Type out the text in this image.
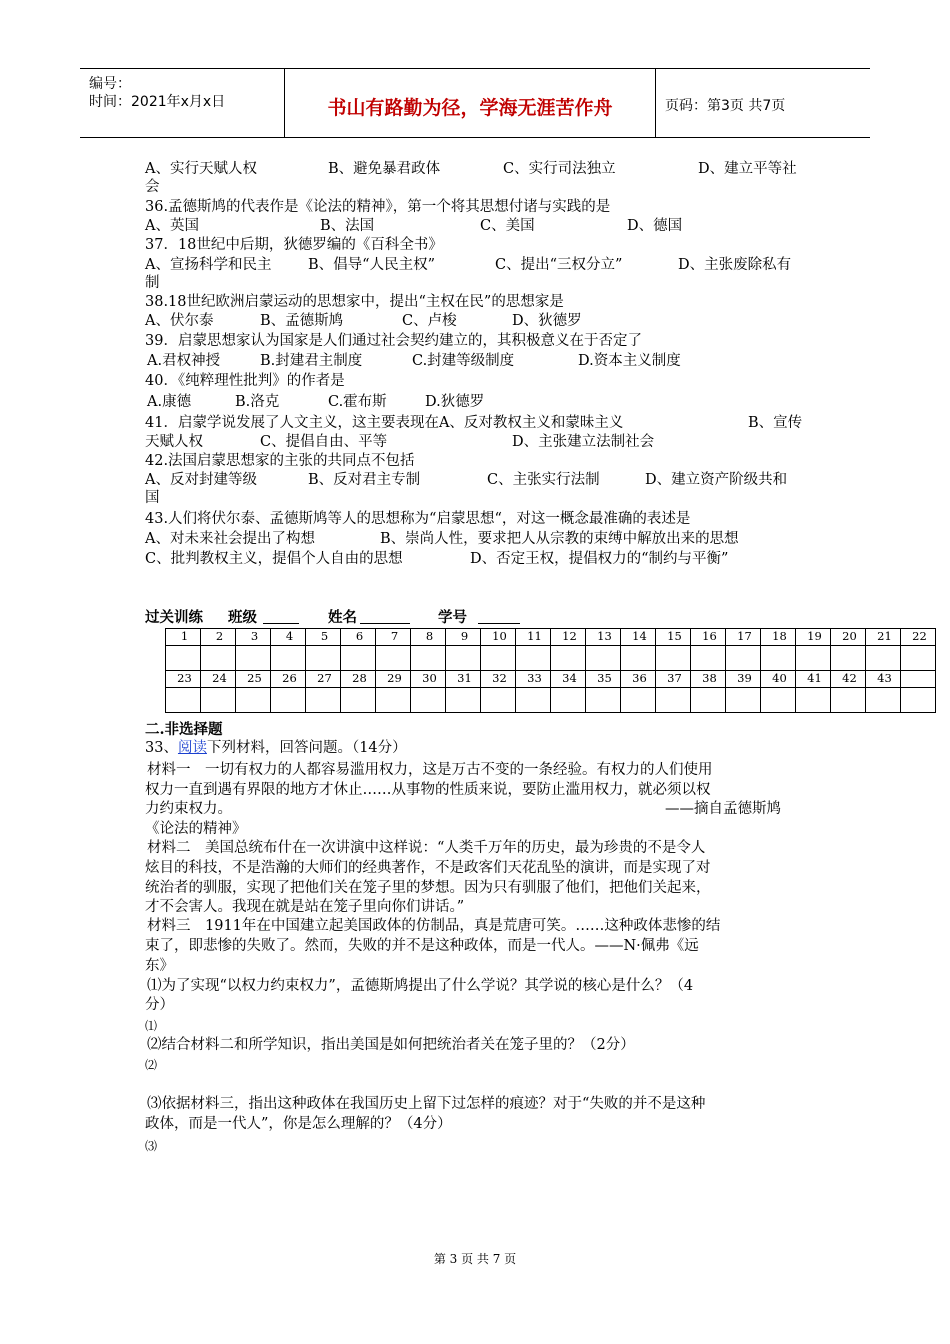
编号：
时间：2021年x月x日	书山有路勤为径，学海无涯苦作舟	页码：第3页 共7页
A、实行天赋人权	B、避免暴君政体	C、实行司法独立	D、建立平等社
会
36.孟德斯鸠的代表作是《论法的精神》，第一个将其思想付诸与实践的是
A、英国	B、法国	C、美国	D、德国
37．18世纪中后期，狄德罗编的《百科全书》
A、宣扬科学和民主	B、倡导“人民主权”	C、提出“三权分立”	D、主张废除私有
制
38.18世纪欧洲启蒙运动的思想家中，提出“主权在民”的思想家是
A、伏尔泰	B、孟德斯鸠	C、卢梭	D、狄德罗
39．启蒙思想家认为国家是人们通过社会契约建立的，其积极意义在于否定了
A.君权神授	B.封建君主制度	C.封建等级制度	D.资本主义制度
40．《纯粹理性批判》的作者是
A.康德	B.洛克	C.霍布斯	D.狄德罗
41．启蒙学说发展了人文主义，这主要表现在A、反对教权主义和蒙昧主义	B、宣传
天赋人权	C、提倡自由、平等	D、主张建立法制社会
42.法国启蒙思想家的主张的共同点不包括
A、反对封建等级	B、反对君主专制	C、主张实行法制	D、建立资产阶级共和
国
43.人们将伏尔泰、孟德斯鸠等人的思想称为“启蒙思想“，对这一概念最准确的表述是
A、对未来社会提出了构想	B、崇尚人性，要求把人从宗教的束缚中解放出来的思想
C、批判教权主义，提倡个人自由的思想	D、否定王权，提倡权力的“制约与平衡”
过关训练 班级	姓名	学号
1	2	3	4	5	6	7	8	9	10	11	12	13	14	15	16	17	18	19	20	21	22

23	24	25	26	27	28	29	30	31	32	33	34	35	36	37	38	39	40	41	42	43	

二.非选择题
33、阅读下列材料，回答问题。（14分）
材料一　一切有权力的人都容易滥用权力，这是万古不变的一条经验。有权力的人们使用
权力一直到遇有界限的地方才休止……从事物的性质来说，要防止滥用权力，就必须以权
力约束权力。	——摘自孟德斯鸠
《论法的精神》
材料二　美国总统布什在一次讲演中这样说：“人类千万年的历史，最为珍贵的不是令人
炫目的科技，不是浩瀚的大师们的经典著作，不是政客们天花乱坠的演讲，而是实现了对
统治者的驯服，实现了把他们关在笼子里的梦想。因为只有驯服了他们，把他们关起来，
才不会害人。我现在就是站在笼子里向你们讲话。”
材料三　1911年在中国建立起美国政体的仿制品，真是荒唐可笑。……这种政体悲惨的结
束了，即悲惨的失败了。然而，失败的并不是这种政体，而是一代人。——N·佩弗《远
东》
⑴为了实现“以权力约束权力”，孟德斯鸠提出了什么学说？其学说的核心是什么？（4
分）
⑴
⑵结合材料二和所学知识，指出美国是如何把统治者关在笼子里的？（2分）
⑵
⑶依据材料三，指出这种政体在我国历史上留下过怎样的痕迹？对于“失败的并不是这种
政体，而是一代人”，你是怎么理解的？（4分）
⑶
第 3 页 共 7 页
